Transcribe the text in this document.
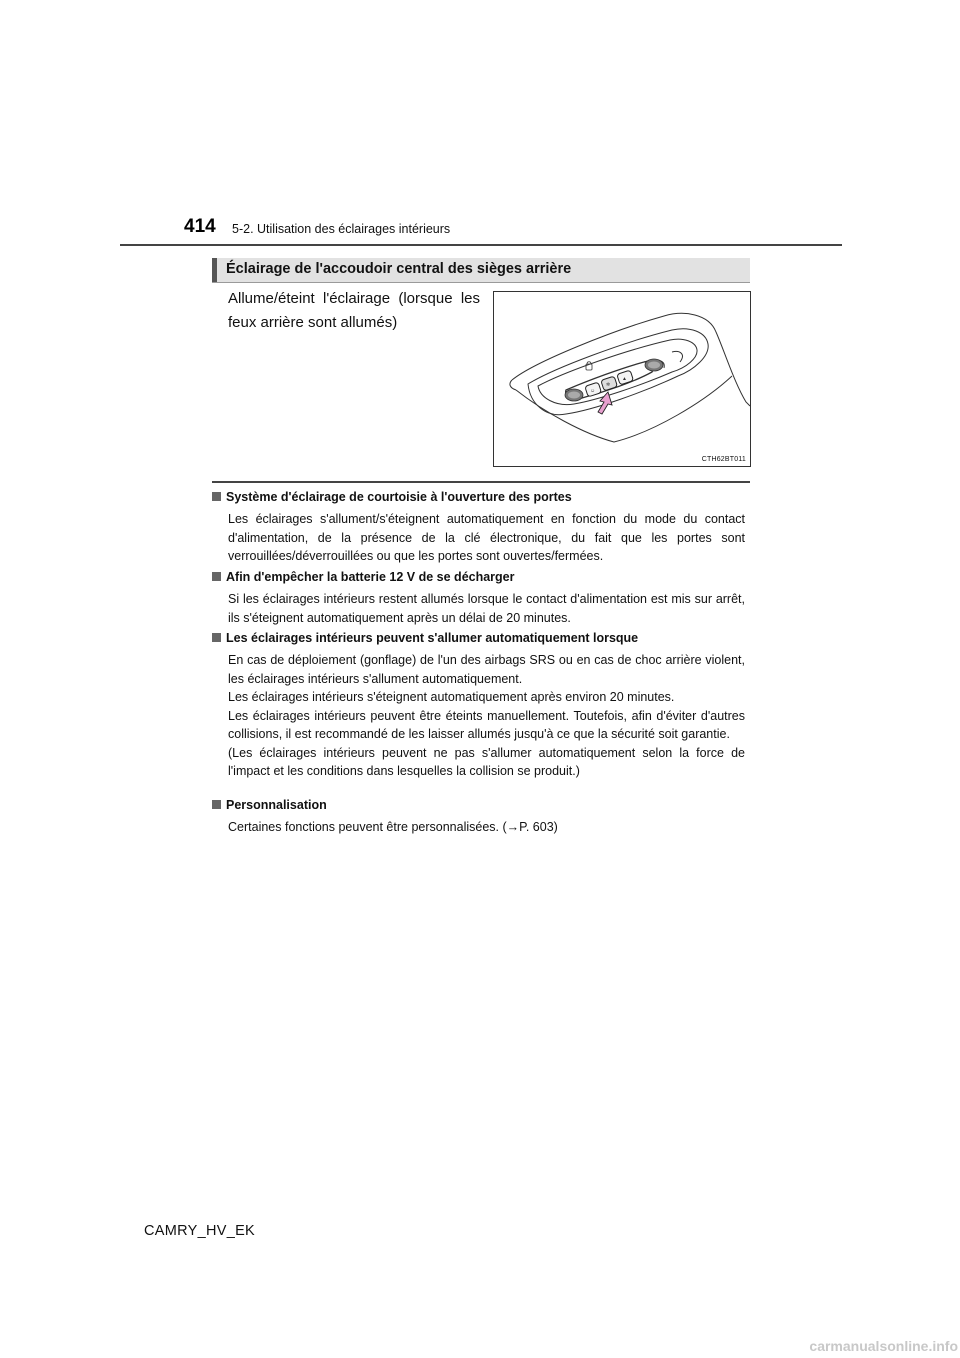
414 5-2. Utilisation des éclairages intérieurs
Éclairage de l'accoudoir central des sièges arrière
Allume/éteint l'éclairage (lorsque les feux arrière sont allumés)
☺
✲
▲
CTH62BT011
Système d'éclairage de courtoisie à l'ouverture des portes
Les éclairages s'allument/s'éteignent automatiquement en fonction du mode du contact d'alimentation, de la présence de la clé électronique, du fait que les portes sont verrouillées/déverrouillées ou que les portes sont ouvertes/fermées.
Afin d'empêcher la batterie 12 V de se décharger
Si les éclairages intérieurs restent allumés lorsque le contact d'alimentation est mis sur arrêt, ils s'éteignent automatiquement après un délai de 20 minutes.
Les éclairages intérieurs peuvent s'allumer automatiquement lorsque
En cas de déploiement (gonflage) de l'un des airbags SRS ou en cas de choc arrière violent, les éclairages intérieurs s'allument automatiquement.
Les éclairages intérieurs s'éteignent automatiquement après environ 20 minutes.
Les éclairages intérieurs peuvent être éteints manuellement. Toutefois, afin d'éviter d'autres collisions, il est recommandé de les laisser allumés jusqu'à ce que la sécurité soit garantie.
(Les éclairages intérieurs peuvent ne pas s'allumer automatiquement selon la force de l'impact et les conditions dans lesquelles la collision se produit.)
Personnalisation
Certaines fonctions peuvent être personnalisées. (→P. 603)
CAMRY_HV_EK
carmanualsonline.info
